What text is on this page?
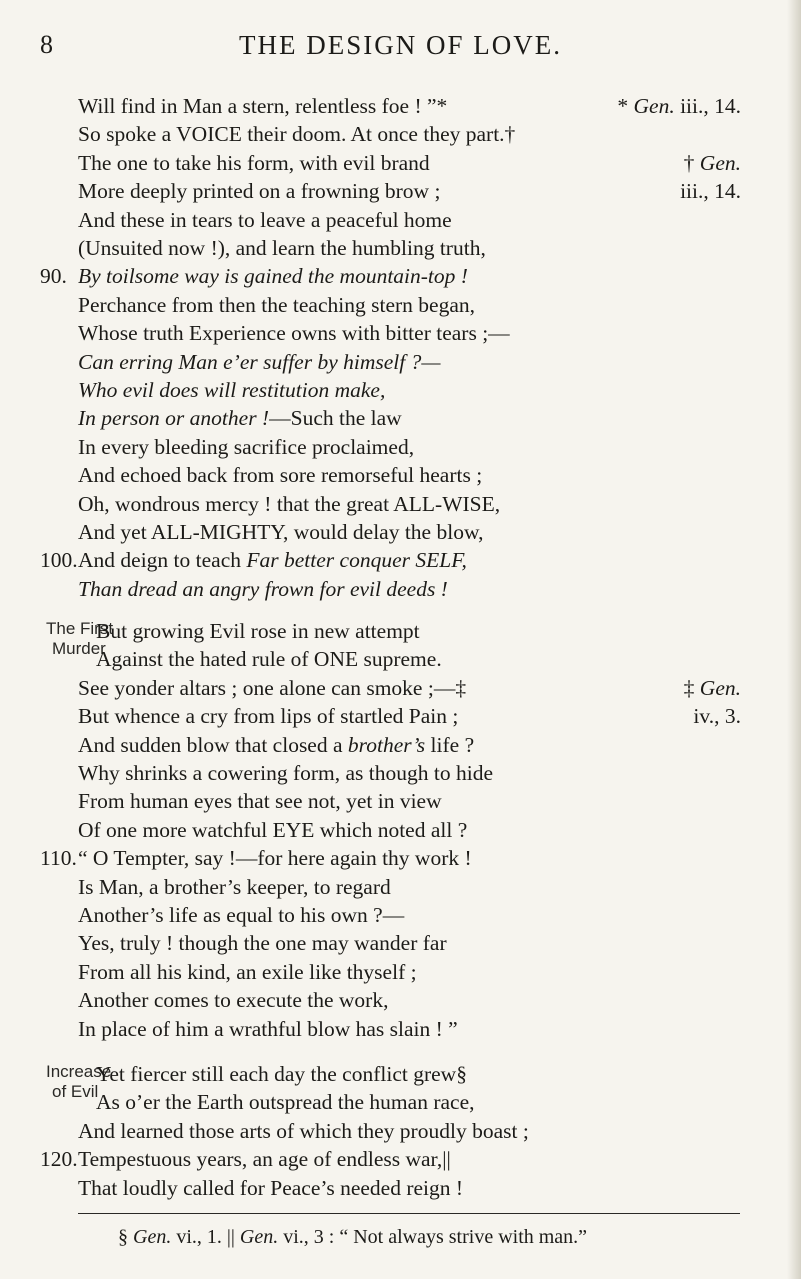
8	THE DESIGN OF LOVE.
Will find in Man a stern, relentless foe ! ”*	* Gen. iii., 14.
So spoke a VOICE their doom. At once they part.†
The one to take his form, with evil brand	† Gen.
More deeply printed on a frowning brow ;	iii., 14.
And these in tears to leave a peaceful home
(Unsuited now !), and learn the humbling truth,
90. By toilsome way is gained the mountain-top !
Perchance from then the teaching stern began,
Whose truth Experience owns with bitter tears ;—
Can erring Man e’er suffer by himself ?—
Who evil does will restitution make,
In person or another !—Such the law
In every bleeding sacrifice proclaimed,
And echoed back from sore remorseful hearts ;
Oh, wondrous mercy ! that the great ALL-WISE,
And yet ALL-MIGHTY, would delay the blow,
100. And deign to teach Far better conquer SELF,
Than dread an angry frown for evil deeds !
The First
Murder
But growing Evil rose in new attempt
Against the hated rule of ONE supreme.
See yonder altars ; one alone can smoke ;—‡	‡ Gen.
But whence a cry from lips of startled Pain ;	iv., 3.
And sudden blow that closed a brother’s life ?
Why shrinks a cowering form, as though to hide
From human eyes that see not, yet in view
Of one more watchful EYE which noted all ?
110. “ O Tempter, say !—for here again thy work !
Is Man, a brother’s keeper, to regard
Another’s life as equal to his own ?—
Yes, truly ! though the one may wander far
From all his kind, an exile like thyself ;
Another comes to execute the work,
In place of him a wrathful blow has slain ! ”
Increase
of Evil
Yet fiercer still each day the conflict grew§
As o’er the Earth outspread the human race,
And learned those arts of which they proudly boast ;
120. Tempestuous years, an age of endless war,||
That loudly called for Peace’s needed reign !
§ Gen. vi., 1. || Gen. vi., 3 : “ Not always strive with man.”
